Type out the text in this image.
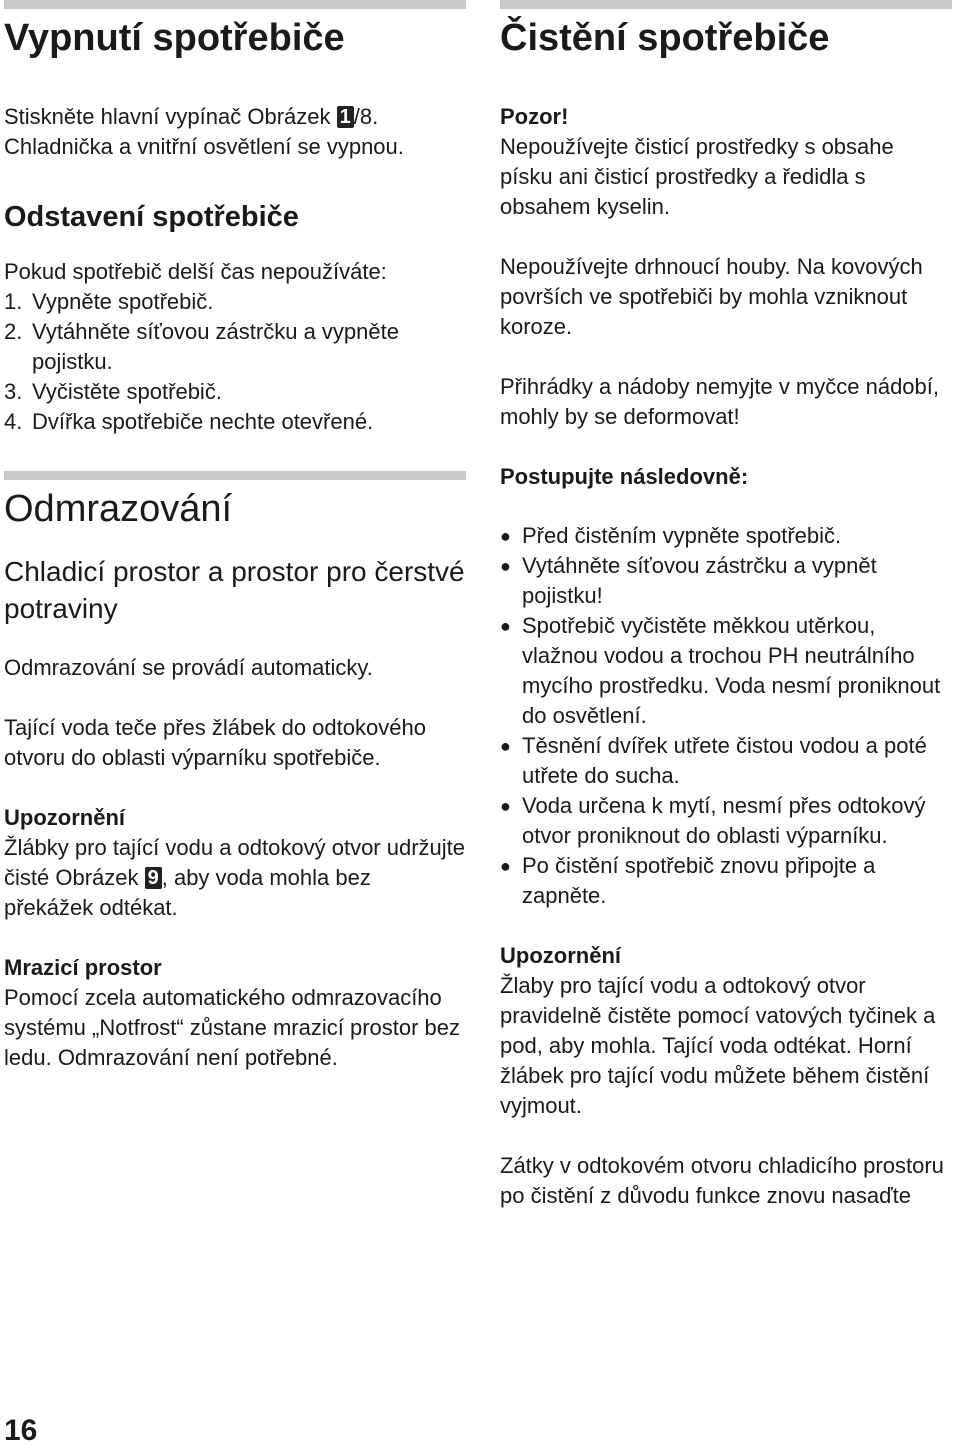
Vypnutí spotřebiče

Stiskněte hlavní vypínač Obrázek 1 /8.

Chladnička a vnitřní osvětlení se vypnou.

Odstavení spotřebiče

Pokud spotřebič delší čas nepoužíváte:

1. Vypněte spotřebič.
2. Vytáhněte síťovou zástrčku a vypněte pojistku.
3. Vyčistěte spotřebič.
4. Dvířka spotřebiče nechte otevřené.
Odmrazování
Chladicí prostor a prostor pro čerstvé potraviny

Odmrazování se provádí automaticky.

Tající voda teče přes žlábek do odtokového otvoru do oblasti výparníku spotřebiče.

Upozornění

Žlábky pro tající vodu a odtokový otvor udržujte čisté Obrázek 9 , aby voda mohla bez překážek odtékat.

Mrazicí prostor

Pomocí zcela automatického odmrazovacího systému „Notfrost“ zůstane mrazicí prostor bez ledu. Odmrazování není potřebné.

Čistění spotřebiče

Pozor!

Nepoužívejte čisticí prostředky s obsahe písku ani čisticí prostředky a ředidla s obsahem kyselin.

Nepoužívejte drhnoucí houby. Na kovových površích ve spotřebiči by mohla vzniknout koroze.

Přihrádky a nádoby nemyjte v myčce nádobí, mohly by se deformovat!

Postupujte následovně:

● Před čistěním vypněte spotřebič.
● Vytáhněte síťovou zástrčku a vypnět pojistku!
● Spotřebič vyčistěte měkkou utěrkou, vlažnou vodou a trochou PH neutrálního mycího prostředku. Voda nesmí proniknout do osvětlení.
● Těsnění dvířek utřete čistou vodou a poté utřete do sucha.
● Voda určena k mytí, nesmí přes odtokový otvor proniknout do oblasti výparníku.
● Po čistění spotřebič znovu připojte a zapněte.

Upozornění

Žlaby pro tající vodu a odtokový otvor pravidelně čistěte pomocí vatových tyčinek a pod, aby mohla. Tající voda odtékat. Horní žlábek pro tající vodu můžete během čistění vyjmout.

Zátky v odtokovém otvoru chladicího prostoru po čistění z důvodu funkce znovu nasaďte

16
